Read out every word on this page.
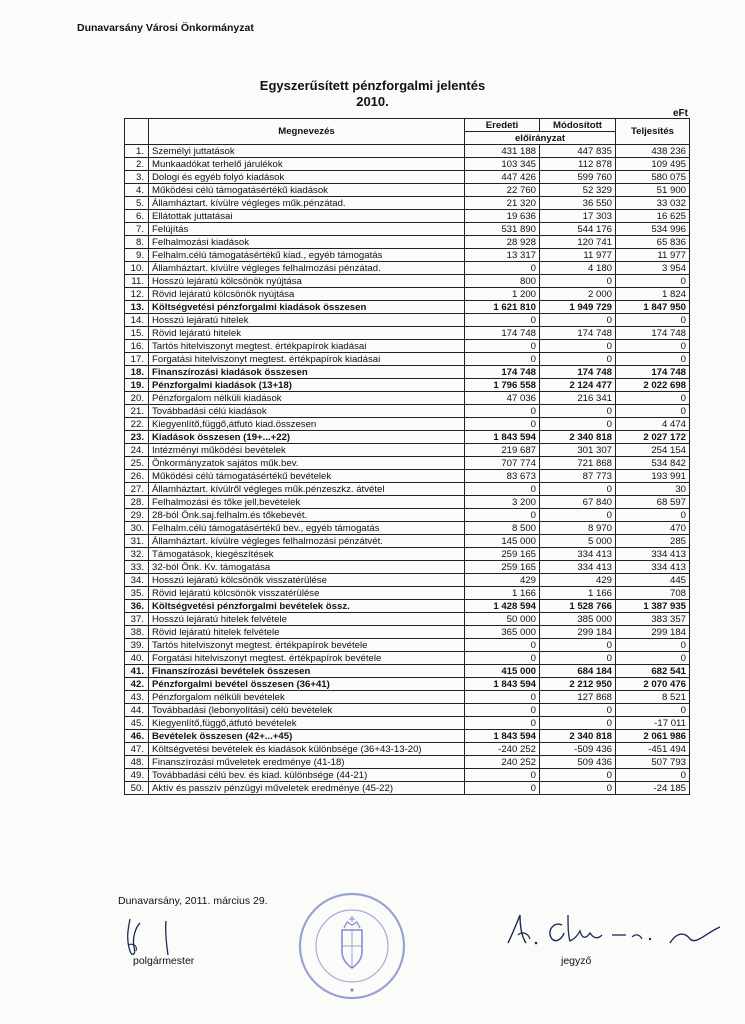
Dunavarsány Városi Önkormányzat
Egyszerűsített pénzforgalmi jelentés
2010.
eFt
	Megnevezés	Eredeti	Módosított	Teljesítés
		előirányzat		
1.	Személyi juttatások	431 188	447 835	438 236
2.	Munkaadókat terhelő járulékok	103 345	112 878	109 495
3.	Dologi és egyéb folyó kiadások	447 426	599 760	580 075
4.	Működési célú támogatásértékű kiadások	22 760	52 329	51 900
5.	Államháztart. kívülre végleges műk.pénzátad.	21 320	36 550	33 032
6.	Ellátottak juttatásai	19 636	17 303	16 625
7.	Felújítás	531 890	544 176	534 996
8.	Felhalmozási kiadások	28 928	120 741	65 836
9.	Felhalm.célú támogatásértékű kiad., egyéb támogatás	13 317	11 977	11 977
10.	Államháztart. kívülre végleges felhalmozási pénzátad.	0	4 180	3 954
11.	Hosszú lejáratú kölcsönök nyújtása	800	0	0
12.	Rövid lejáratú kölcsönök nyújtása	1 200	2 000	1 824
13.	Költségvetési pénzforgalmi kiadások összesen	1 621 810	1 949 729	1 847 950
14.	Hosszú lejáratú hitelek	0	0	0
15.	Rövid lejáratú hitelek	174 748	174 748	174 748
16.	Tartós hitelviszonyt megtest. értékpapírok kiadásai	0	0	0
17.	Forgatási hitelviszonyt megtest. értékpapírok kiadásai	0	0	0
18.	Finanszírozási kiadások összesen	174 748	174 748	174 748
19.	Pénzforgalmi kiadások (13+18)	1 796 558	2 124 477	2 022 698
20.	Pénzforgalom nélküli kiadások	47 036	216 341	0
21.	Továbbadási célú kiadások	0	0	0
22.	Kiegyenlítő,függő,átfutó kiad.összesen	0	0	4 474
23.	Kiadások összesen (19+...+22)	1 843 594	2 340 818	2 027 172
24.	Intézményi működési bevételek	219 687	301 307	254 154
25.	Önkormányzatok sajátos műk.bev.	707 774	721 868	534 842
26.	Működési célú támogatásértékű bevételek	83 673	87 773	193 991
27.	Államháztart. kívülről végleges műk.pénzeszkz. átvétel	0	0	30
28.	Felhalmozási és tőke jell.bevételek	3 200	67 840	68 597
29.	28-ból Önk.saj.felhalm.és tőkebevét.	0	0	0
30.	Felhalm.célú támogatásértékű bev., egyéb támogatás	8 500	8 970	470
31.	Államháztart. kívülre végleges felhalmozási pénzátvét.	145 000	5 000	285
32.	Támogatások, kiegészítések	259 165	334 413	334 413
33.	32-ból Önk. Kv. támogatása	259 165	334 413	334 413
34.	Hosszú lejáratú kölcsönök visszatérülése	429	429	445
35.	Rövid lejáratú kölcsönök visszatérülése	1 166	1 166	708
36.	Költségvetési pénzforgalmi bevételek össz.	1 428 594	1 528 766	1 387 935
37.	Hosszú lejáratú hitelek felvétele	50 000	385 000	383 357
38.	Rövid lejáratú hitelek felvétele	365 000	299 184	299 184
39.	Tartós hitelviszonyt megtest. értékpapírok bevétele	0	0	0
40.	Forgatási hitelviszonyt megtest. értékpapírok bevétele	0	0	0
41.	Finanszírozási bevételek összesen	415 000	684 184	682 541
42.	Pénzforgalmi bevétel összesen (36+41)	1 843 594	2 212 950	2 070 476
43.	Pénzforgalom nélküli bevételek	0	127 868	8 521
44.	Továbbadási (lebonyolítási) célú bevételek	0	0	0
45.	Kiegyenlítő,függő,átfutó bevételek	0	0	-17 011
46.	Bevételek összesen (42+...+45)	1 843 594	2 340 818	2 061 986
47.	Költségvetési bevételek és kiadások különbsége (36+43-13-20)	-240 252	-509 436	-451 494
48.	Finanszírozási műveletek eredménye (41-18)	240 252	509 436	507 793
49.	Továbbadási célú bev. és kiad. különbsége (44-21)	0	0	0
50.	Aktív és passzív pénzügyi műveletek eredménye (45-22)	0	0	-24 185
Dunavarsány, 2011. március 29.
polgármester	jegyző
